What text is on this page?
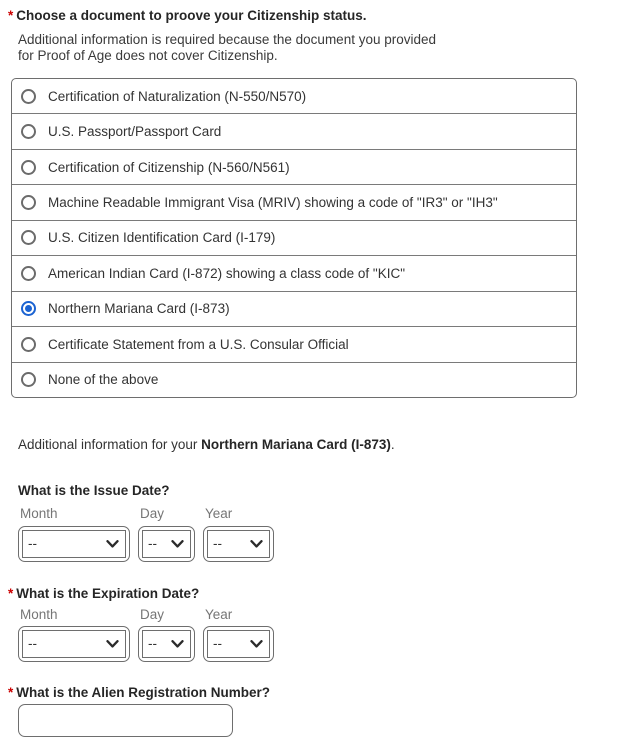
* Choose a document to proove your Citizenship status.
Additional information is required because the document you provided
for Proof of Age does not cover Citizenship.
Certification of Naturalization (N-550/N570)
U.S. Passport/Passport Card
Certification of Citizenship (N-560/N561)
Machine Readable Immigrant Visa (MRIV) showing a code of "IR3" or "IH3"
U.S. Citizen Identification Card (I-179)
American Indian Card (I-872) showing a class code of "KIC"
Northern Mariana Card (I-873)
Certificate Statement from a U.S. Consular Official
None of the above
Additional information for your Northern Mariana Card (I-873).
What is the Issue Date?
Month	Day	Year
--	--	--
* What is the Expiration Date?
Month	Day	Year
--	--	--
* What is the Alien Registration Number?
